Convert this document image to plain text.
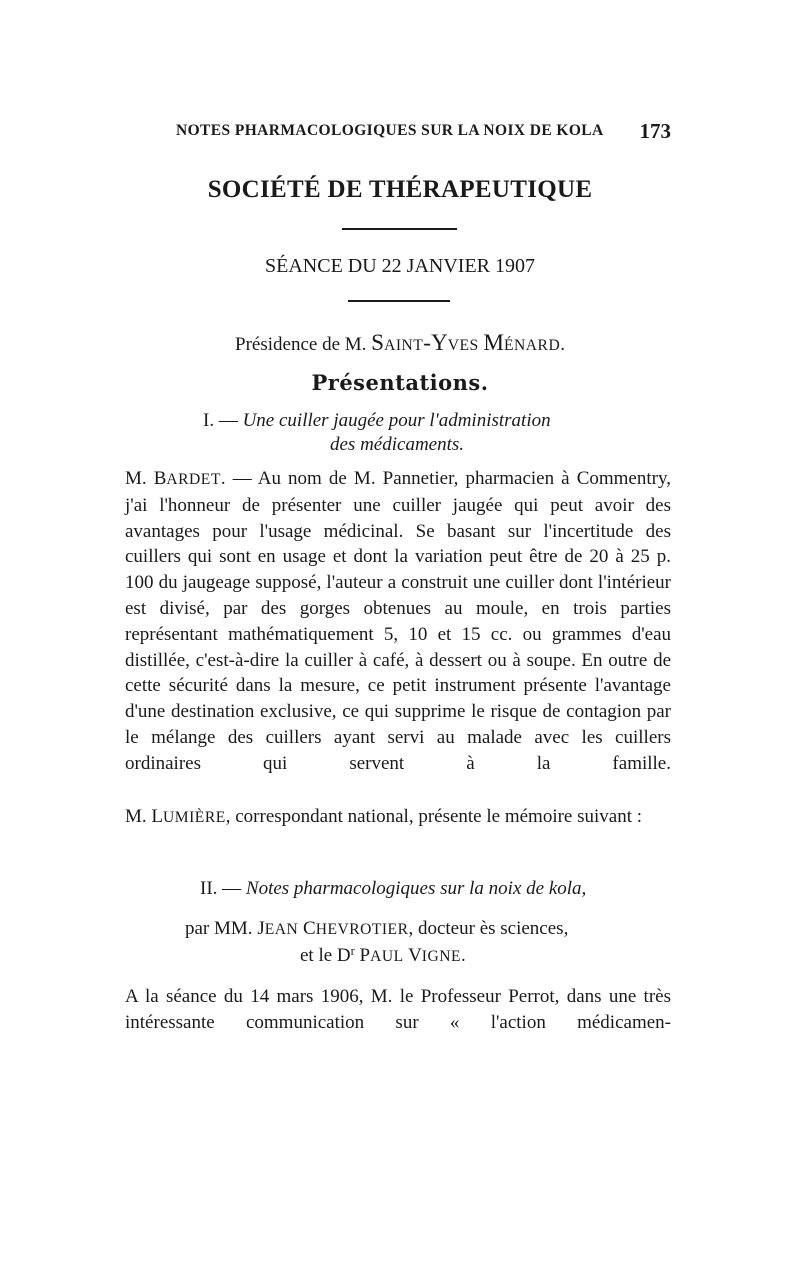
NOTES PHARMACOLOGIQUES SUR LA NOIX DE KOLA 173
SOCIÉTÉ DE THÉRAPEUTIQUE
SÉANCE DU 22 JANVIER 1907
Présidence de M. SAINT-YVES MÉNARD.
Présentations.
I. — Une cuiller jaugée pour l'administration
des médicaments.
M. BARDET. — Au nom de M. Pannetier, pharmacien à Commentry, j'ai l'honneur de présenter une cuiller jaugée qui peut avoir des avantages pour l'usage médicinal. Se basant sur l'incertitude des cuillers qui sont en usage et dont la variation peut être de 20 à 25 p. 100 du jaugeage supposé, l'auteur a construit une cuiller dont l'intérieur est divisé, par des gorges obtenues au moule, en trois parties représentant mathématiquement 5, 10 et 15 cc. ou grammes d'eau distillée, c'est-à-dire la cuiller à café, à dessert ou à soupe. En outre de cette sécurité dans la mesure, ce petit instrument présente l'avantage d'une destination exclusive, ce qui supprime le risque de contagion par le mélange des cuillers ayant servi au malade avec les cuillers ordinaires qui servent à la famille.
M. LUMIÈRE, correspondant national, présente le mémoire suivant :
II. — Notes pharmacologiques sur la noix de kola,
par MM. JEAN CHEVROTIER, docteur ès sciences,
et le $D^r$ PAUL VIGNE.
A la séance du 14 mars 1906, M. le Professeur Perrot, dans une très intéressante communication sur « l'action médicamen-
